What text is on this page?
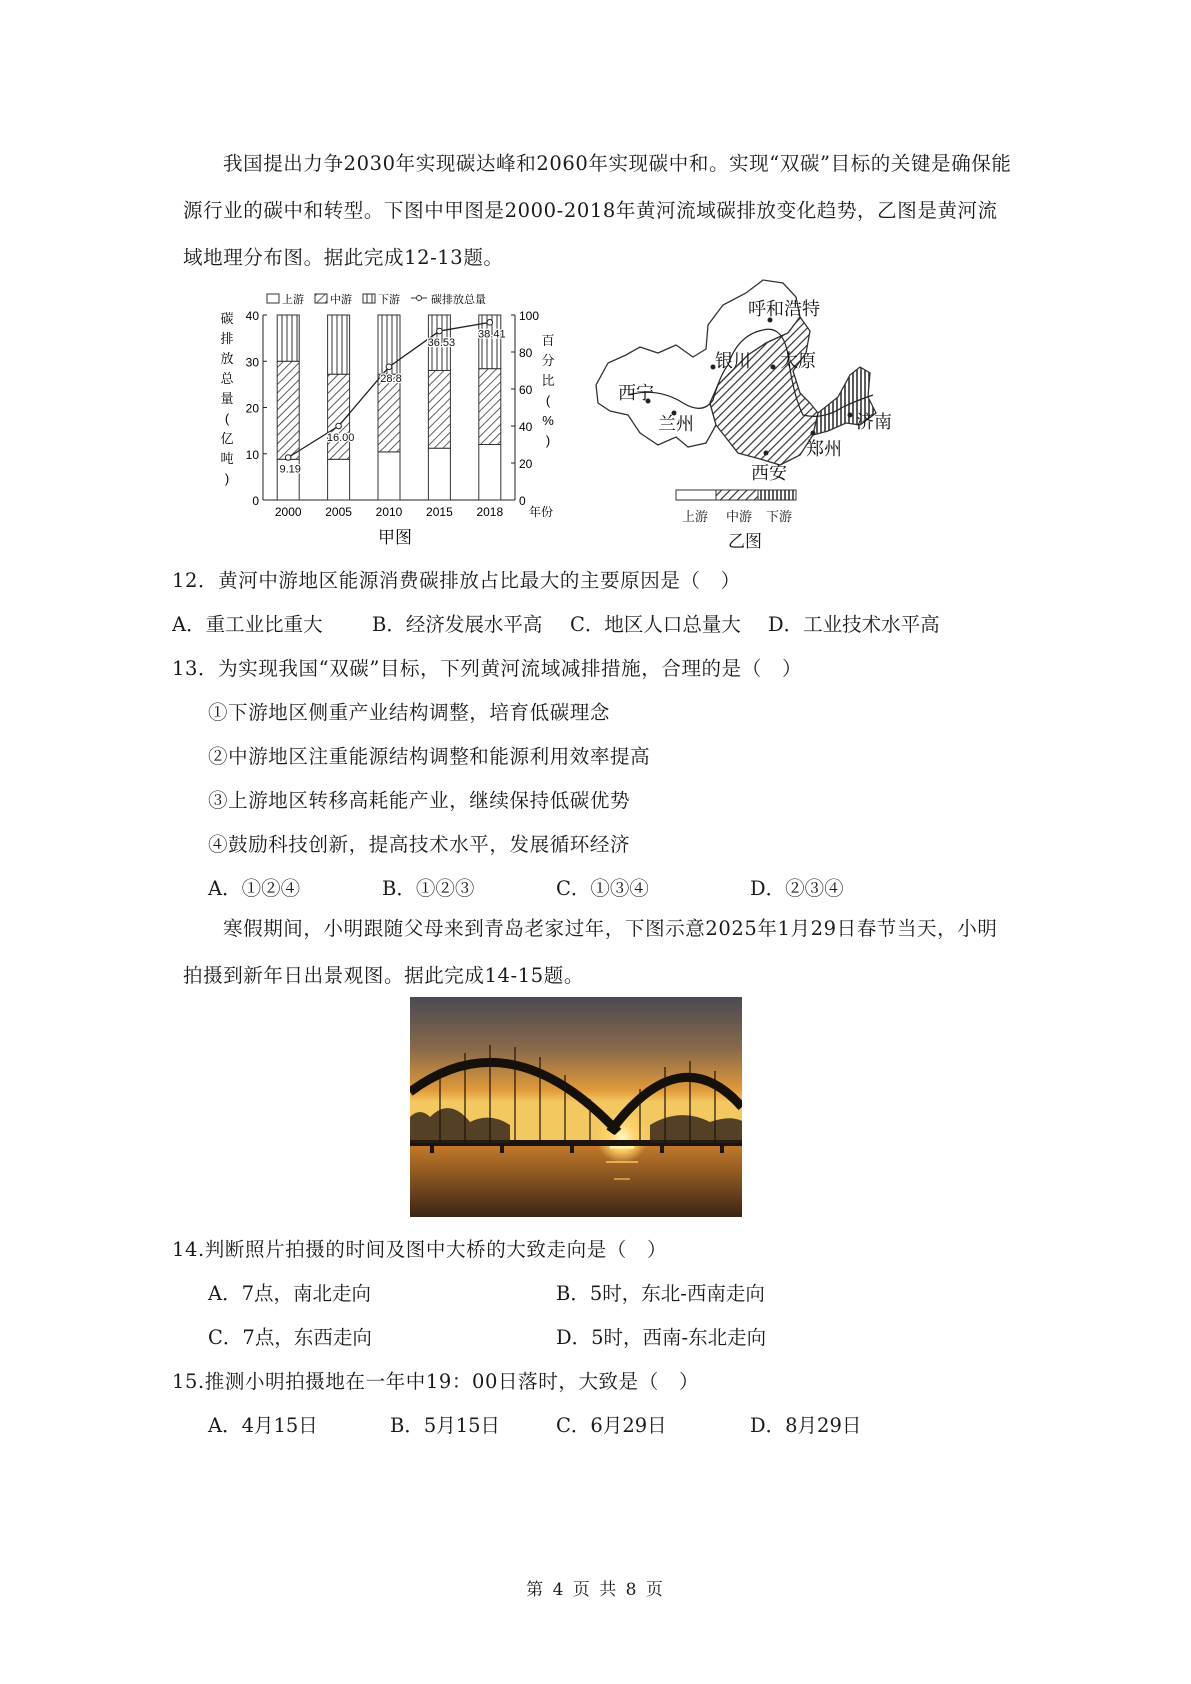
我国提出力争2030年实现碳达峰和2060年实现碳中和。实现“双碳”目标的关键是确保能源行业的碳中和转型。下图中甲图是2000-2018年黄河流域碳排放变化趋势，乙图是黄河流域地理分布图。据此完成12-13题。

上游 中游 下游	碳排放总量
0
10
20
30
40
0
20
40
60
80
100
碳
排
放
总
量
(
亿
吨
)
百
分
比
(
%
)
2000 2005 2010 2015 2018 年份
9.19
16.00
28.8
36.53
38.41
甲图
呼和浩特
银川 太原
西宁
兰州	济南
郑州
西安
上游 中游 下游
乙图
12．黄河中游地区能源消费碳排放占比最大的主要原因是（　）
A．重工业比重大	B．经济发展水平高 C．地区人口总量大 D．工业技术水平高
13．为实现我国“双碳”目标，下列黄河流域减排措施，合理的是（　）
①下游地区侧重产业结构调整，培育低碳理念
②中游地区注重能源结构调整和能源利用效率提高
③上游地区转移高耗能产业，继续保持低碳优势
④鼓励科技创新，提高技术水平，发展循环经济
A．①②④	B．①②③	C．①③④	D．②③④

寒假期间，小明跟随父母来到青岛老家过年，下图示意2025年1月29日春节当天，小明拍摄到新年日出景观图。据此完成14-15题。

14.判断照片拍摄的时间及图中大桥的大致走向是（　）
A．7点，南北走向	B．5时，东北-西南走向
C．7点，东西走向	D．5时，西南-东北走向
15.推测小明拍摄地在一年中19：00日落时，大致是（　）
A．4月15日	B．5月15日	C．6月29日	D．8月29日
第 4 页 共 8 页
